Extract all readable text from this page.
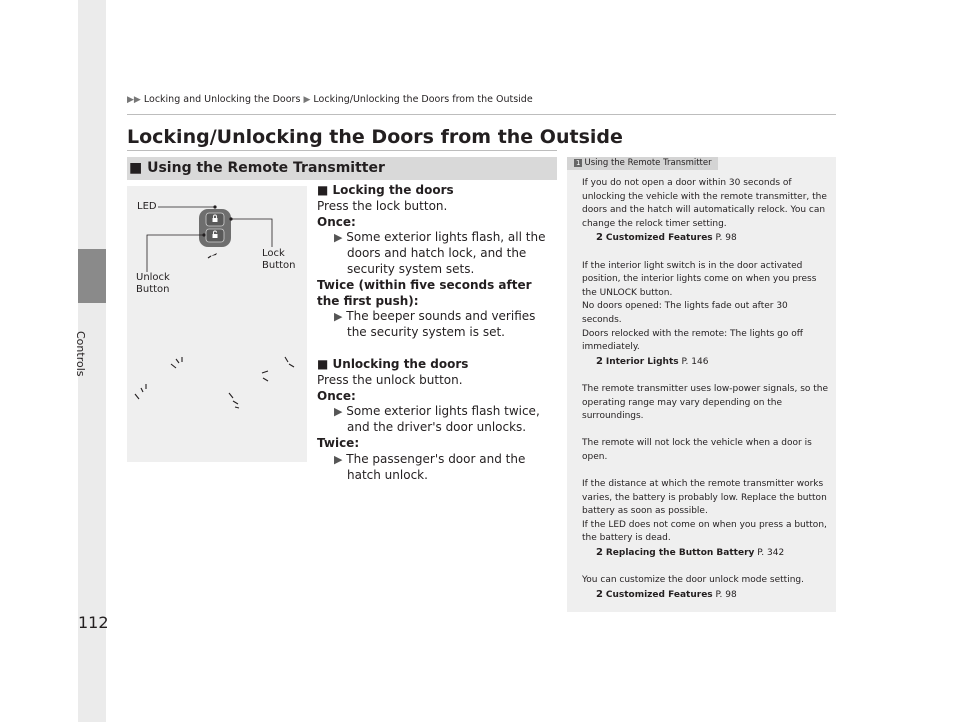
Controls
112
▶▶ Locking and Unlocking the Doors ▶ Locking/Unlocking the Doors from the Outside
Locking/Unlocking the Doors from the Outside
■ Using the Remote Transmitter
LED
Lock
Button
Unlock
Button

■ Locking the doors

Press the lock button.

Once:

▶ Some exterior lights flash, all the doors and hatch lock, and the security system sets.

Twice (within five seconds after the first push):

▶ The beeper sounds and verifies the security system is set.

■ Unlocking the doors

Press the unlock button.

Once:

▶ Some exterior lights flash twice, and the driver's door unlocks.

Twice:

▶ The passenger's door and the hatch unlock.

1 Using the Remote Transmitter

If you do not open a door within 30 seconds of unlocking the vehicle with the remote transmitter, the doors and the hatch will automatically relock. You can change the relock timer setting.

2 Customized Features P. 98

If the interior light switch is in the door activated position, the interior lights come on when you press the UNLOCK button.

No doors opened: The lights fade out after 30 seconds.

Doors relocked with the remote: The lights go off immediately.

2 Interior Lights P. 146

The remote transmitter uses low-power signals, so the operating range may vary depending on the surroundings.

The remote will not lock the vehicle when a door is open.

If the distance at which the remote transmitter works varies, the battery is probably low. Replace the button battery as soon as possible.

If the LED does not come on when you press a button, the battery is dead.

2 Replacing the Button Battery P. 342

You can customize the door unlock mode setting.

2 Customized Features P. 98
